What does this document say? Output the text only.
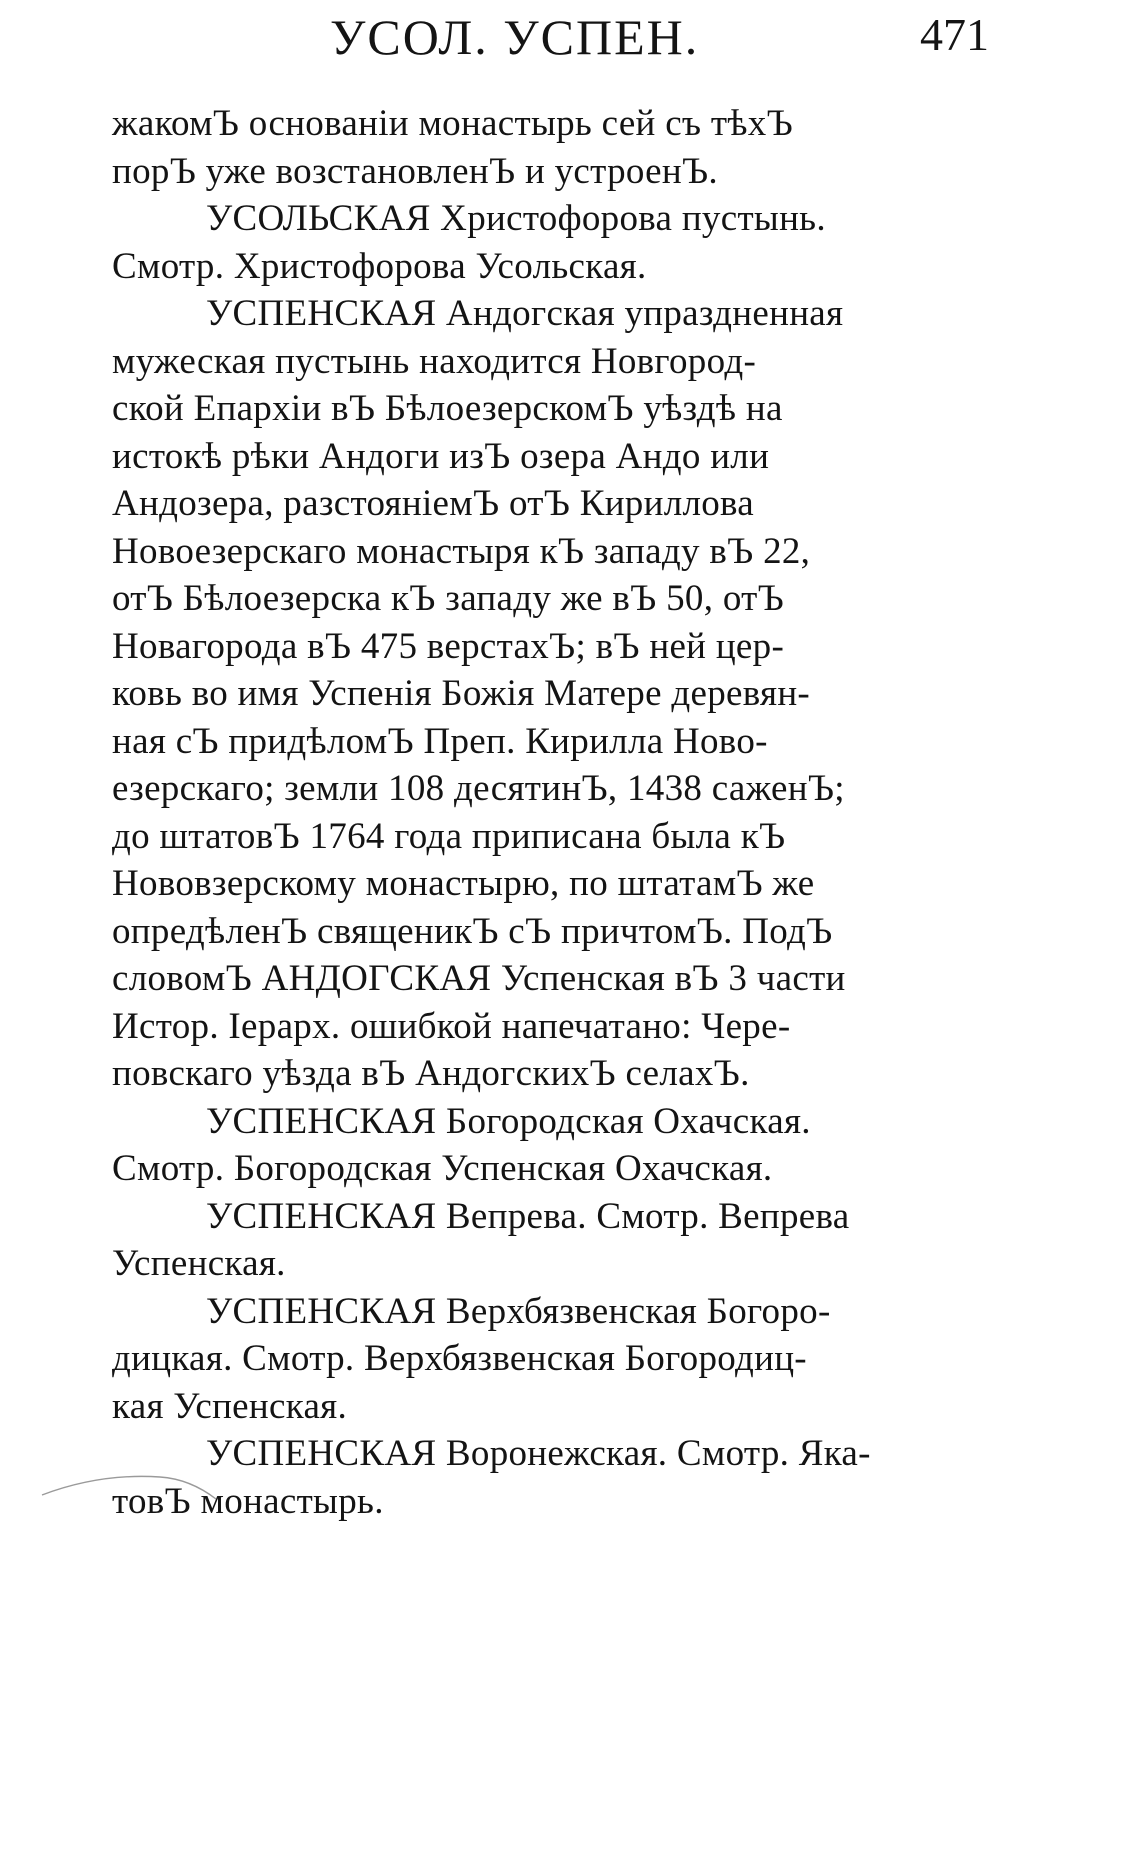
УСОЛ. УСПЕН.	471
жакомЪ основанiи монастырь сей съ тѣхЪ
порЪ уже возстановленЪ и устроенЪ.
УСОЛЬСКАЯ Христофорова пустынь.
Смотр. Христофорова Усольская.
УСПЕНСКАЯ Андогская упраздненная
мужеская пустынь находится Новгород-
ской Епархiи вЪ БѣлоезерскомЪ уѣздѣ на
истокѣ рѣки Андоги изЪ озера Андо или
Андозера, разстоянiемЪ отЪ Кириллова
Новоезерскаго монастыря кЪ западу вЪ 22,
отЪ Бѣлоезерска кЪ западу же вЪ 50, отЪ
Новагорода вЪ 475 верстахЪ; вЪ ней цер-
ковь во имя Успенiя Божiя Матере деревян-
ная сЪ придѣломЪ Преп. Кирилла Ново-
езерскаго; земли 108 десятинЪ, 1438 саженЪ;
до штатовЪ 1764 года приписана была кЪ
Нововзерскому монастырю, по штатамЪ же
опредѣленЪ священикЪ сЪ причтомЪ. ПодЪ
словомЪ АНДОГСКАЯ Успенская вЪ 3 части
Истор. Iерарх. ошибкой напечатано: Чере-
повскаго уѣзда вЪ АндогскихЪ селахЪ.
УСПЕНСКАЯ Богородская Охачская.
Смотр. Богородская Успенская Охачская.
УСПЕНСКАЯ Вепрева. Смотр. Вепрева
Успенская.
УСПЕНСКАЯ Верхбязвенская Богоро-
дицкая. Смотр. Верхбязвенская Богородиц-
кая Успенская.
УСПЕНСКАЯ Воронежская. Смотр. Яка-
товЪ монастырь.
